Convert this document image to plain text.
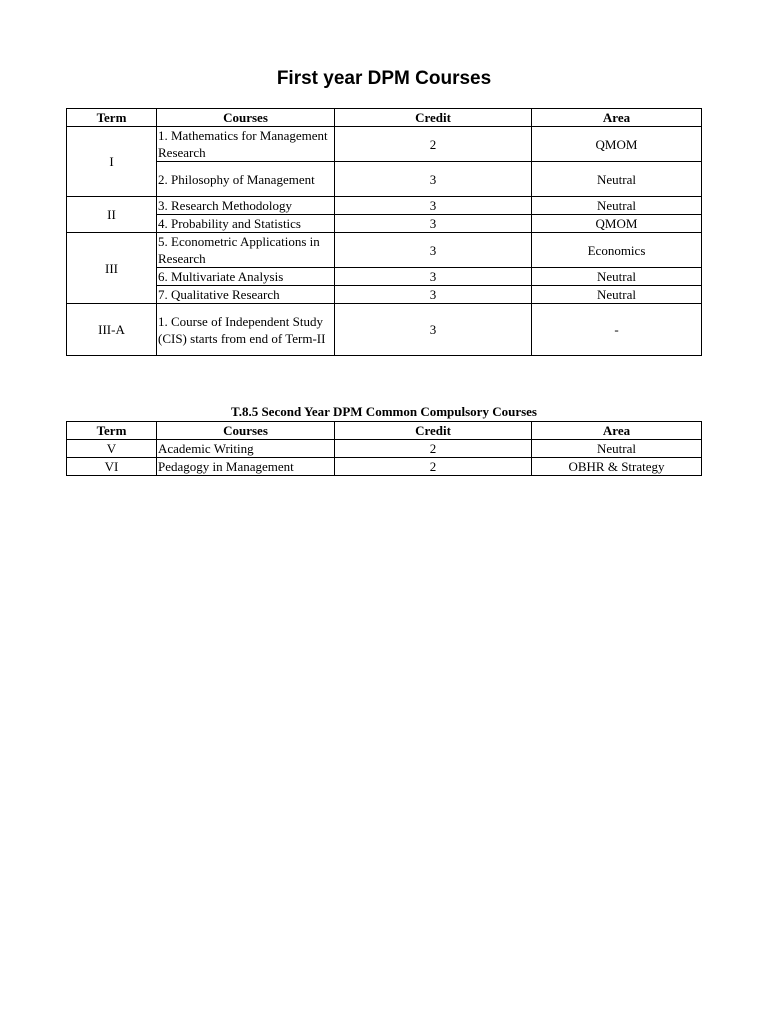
First year DPM Courses
Term	Courses	Credit	Area
I	1. Mathematics for Management Research	2	QMOM
	2. Philosophy of Management	3	Neutral
II	3. Research Methodology	3	Neutral
	4. Probability and Statistics	3	QMOM
III	5. Econometric Applications in Research	3	Economics
	6. Multivariate Analysis	3	Neutral
	7. Qualitative Research	3	Neutral
III-A	1. Course of Independent Study (CIS) starts from end of Term-II	3	-
T.8.5 Second Year DPM Common Compulsory Courses
Term	Courses	Credit	Area
V	Academic Writing	2	Neutral
VI	Pedagogy in Management	2	OBHR & Strategy
